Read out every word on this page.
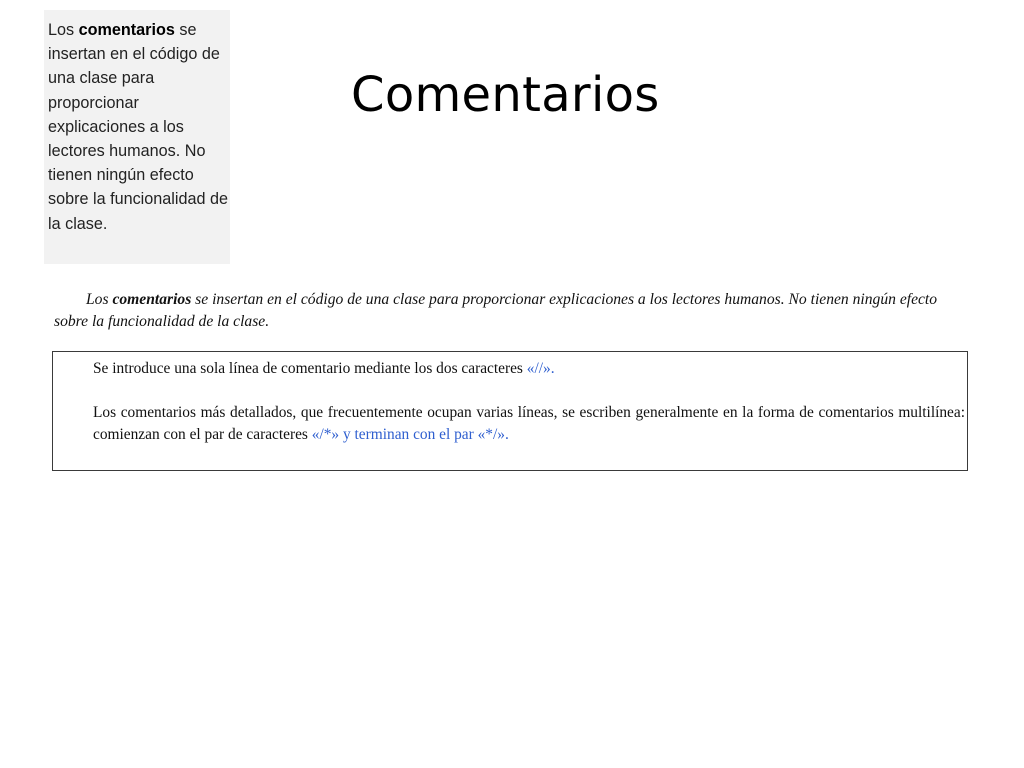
Los comentarios se insertan en el código de una clase para proporcionar explicaciones a los lectores humanos. No tienen ningún efecto sobre la funcionalidad de la clase.

Comentarios

Los comentarios se insertan en el código de una clase para proporcionar explicaciones a los lectores humanos. No tienen ningún efecto sobre la funcionalidad de la clase.

Se introduce una sola línea de comentario mediante los dos caracteres «//».

Los comentarios más detallados, que frecuentemente ocupan varias líneas, se escriben generalmente en la forma de comentarios multilínea: comienzan con el par de caracteres «/*» y terminan con el par «*/».
